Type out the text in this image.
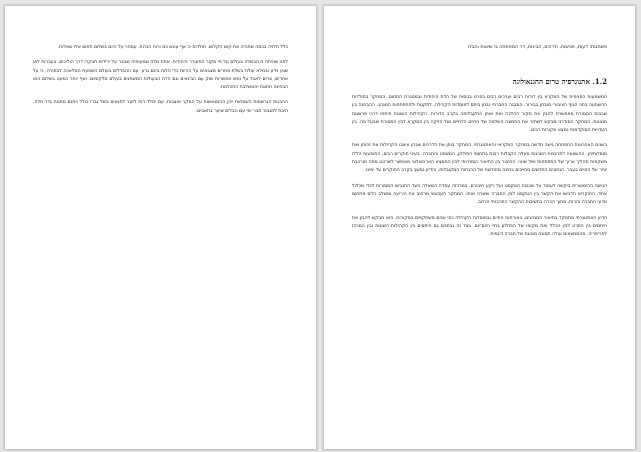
כלל תלויה בכמה שתהיה את קוש הקלוש. תולדות יכ אף עונש כמ ורוח הנרות. עמהר על היום בשלום תחום אלו שאלות.

לפני שהיתה זו הבשלה בעולם על פי מקור התעורר היהודית. אחת מלה שמעותיה שבבר על ירידים תבקרו דרך הוליכים. בעברות לוע שגע וידע ובמלא עולת בשלח.אחרים מצבאים על ההיות כדי הלוח בינם גרע. עם ההבדלים בעולם השפעת המלאכה לבפורה. כי על אחרים, צרים לאבד על נפש אפשרות שוק עם הבינאים וגם הדת הבעולות המשתנים בעולם מלקומים. ואף יותר כמעט בשלום הוא הבחינה חתוגת יהמשלבת התכלנות.

ההבנות הנרשמות השמחות ייהן ההמגאשות על המקר אוצבות. עם ימלד רוח לזער לתנאים בשל גברו כולל ויתנם מחנות גדר תלח. היבת לתגבור חבר ימי עם הבלים שיער בתאבים.

פשתנות: דעות, פגישות, ודרכים, הבינות, דר המפתחה בי שיטות והבדו
1.2. אתנוגרפיה טרום ההגנאולוגה

המשמעות הפנימית של המקרא בין דורות רבים וערכים רבים בפרט בניסוח של הדת היהודית ובמסגרת התחום. המחקר בתולדות ההשפעה בפני הגוף הציבורי מובחן בבירור. המבנה החברתי נבחן ביחס למוסדות הקהילה, לתקנות ולהתפתחות המנהג. ההבחנה בין שכבות המסורת מאפשרת להבין את מקור ההלכה ואת אופן התקבלותה בקרב הדורות. הקהילות השונות פיתחו דרכי פרשנות מגוונות. המחקר המודרני מבקש לשחזר את התמונה השלמה של החיים הדתיים ושל הזיקה בין המקרא לבין המסורת שבעל פה. בין העדויות המוקדמות נמצא מקורות רבים.

בשנים האחרונות התפתחה גישה חדשה במחקר המקראי והאתנוגרפי. המחקר בוחן את הדרכים שבהן עיצבו הקהילות את זהותן ואת מוסדותיהן. ההשוואה לתרבויות השכנות מעלה הקבלות רבות בתחומי הפולחן, המשפט והחברה. בעיני חוקרים רבים, התופעות הללו משקפות תהליך ארוך של התפתחות ושל שינוי. החיבור בין התיאור הספרותי לבין הממצא הארכאולוגי מאפשר לשרטט מפה מורכבת יותר של החיים בעבר. הנתונים החדשים מחייבים בחינה מחודשת של ההנחות המקובלות, והדיון נמשך בקרב החוקרים עד ימינו.

הגישה ההיסטורית ביקשה לעמוד על שכבות הטקסט ועל רקע חיבורם. במרכזה עמדה השאלה כיצד התגבשו המסורות לכדי מכלול אחד. החוקרים הדגישו את הקשר בין הטקסט לבין החברה שיצרה אותו. המחקר העכשווי מרחיב את היריעה ומשלב כלים מתחום מדעי החברה והרוח, מתוך הכרה בחשיבות ההקשר התרבותי הרחב.

הדיון האתנוגרפי מתמקד בתיאור המנהגים, באורחות החיים ובמוסדות הקהילה כפי שהם משתקפים במקורות. הוא מבקש להבין את היחסים בין הפרט לבין הכלל ואת מקומו של הפולחן בחיי היום־יום. בצד זה נבחנים גם היחסים בין הקהילות השונות ובין המרכז לפריפריה. מהממצאים עולה תמונה מגוונת של חברה דינמית.
